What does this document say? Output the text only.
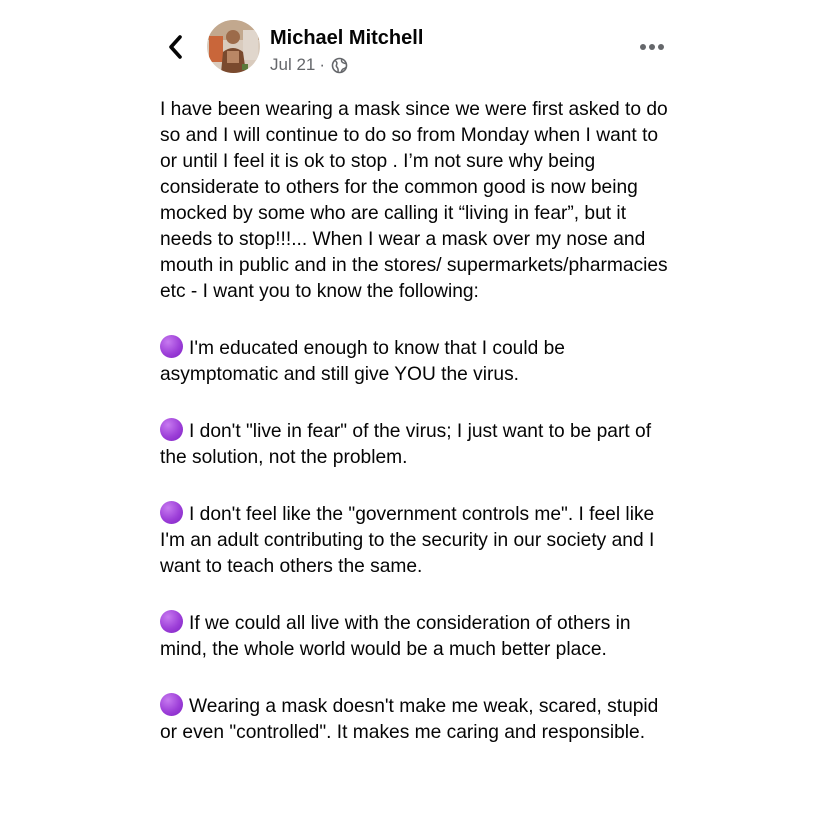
Michael Mitchell
Jul 21 ·

I have been wearing a mask since we were first asked to do so and I will continue to do so from Monday when I want to or until I feel it is ok to stop . I’m not sure why being considerate to others for the common good is now being mocked by some who are calling it “living in fear”, but it needs to stop!!!... When I wear a mask over my nose and mouth in public and in the stores/ supermarkets/pharmacies etc - I want you to know the following:

I'm educated enough to know that I could be asymptomatic and still give YOU the virus.

I don't "live in fear" of the virus; I just want to be part of the solution, not the problem.

I don't feel like the "government controls me". I feel like I'm an adult contributing to the security in our society and I want to teach others the same.

If we could all live with the consideration of others in mind, the whole world would be a much better place.

Wearing a mask doesn't make me weak, scared, stupid or even "controlled". It makes me caring and responsible.
